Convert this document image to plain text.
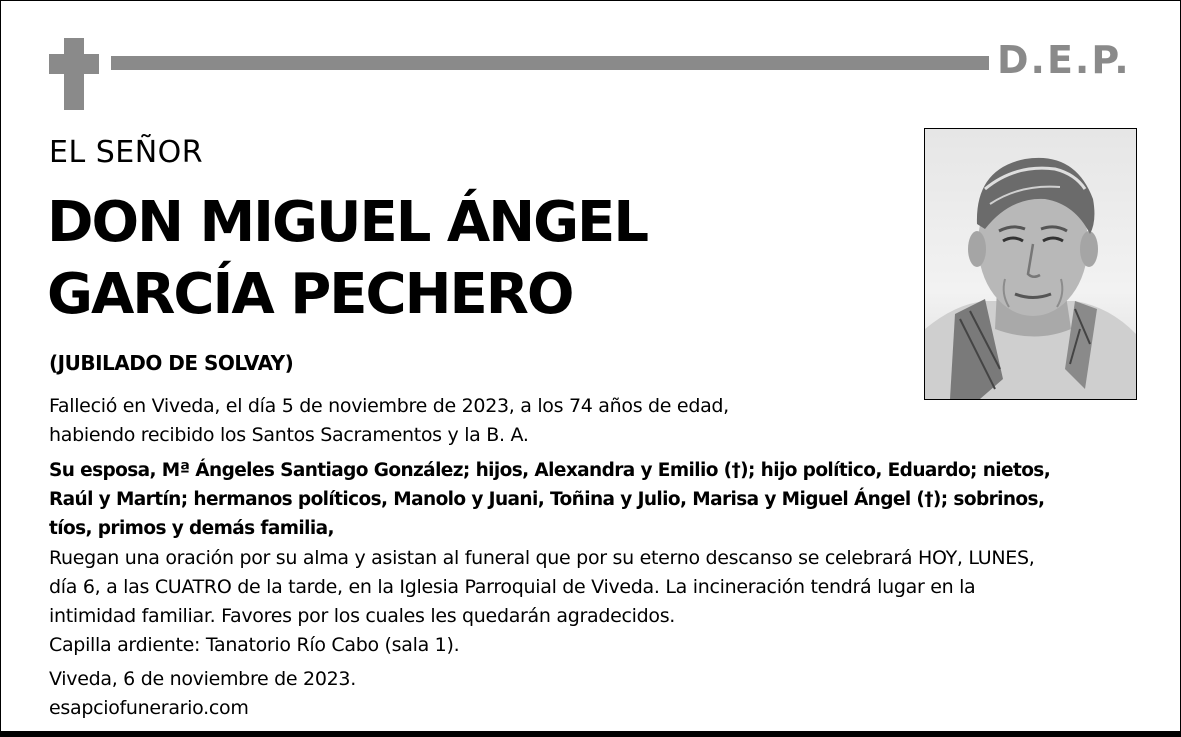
D.E.P.
EL SEÑOR
DON MIGUEL ÁNGEL
GARCÍA PECHERO
(JUBILADO DE SOLVAY)
Falleció en Viveda, el día 5 de noviembre de 2023, a los 74 años de edad,
habiendo recibido los Santos Sacramentos y la B. A.
Su esposa, Mª Ángeles Santiago González; hijos, Alexandra y Emilio (†); hijo político, Eduardo; nietos,
Raúl y Martín; hermanos políticos, Manolo y Juani, Toñina y Julio, Marisa y Miguel Ángel (†); sobrinos,
tíos, primos y demás familia,
Ruegan una oración por su alma y asistan al funeral que por su eterno descanso se celebrará HOY, LUNES,
día 6, a las CUATRO de la tarde, en la Iglesia Parroquial de Viveda. La incineración tendrá lugar en la
intimidad familiar. Favores por los cuales les quedarán agradecidos.
Capilla ardiente: Tanatorio Río Cabo (sala 1).
Viveda, 6 de noviembre de 2023.
esapciofunerario.com
